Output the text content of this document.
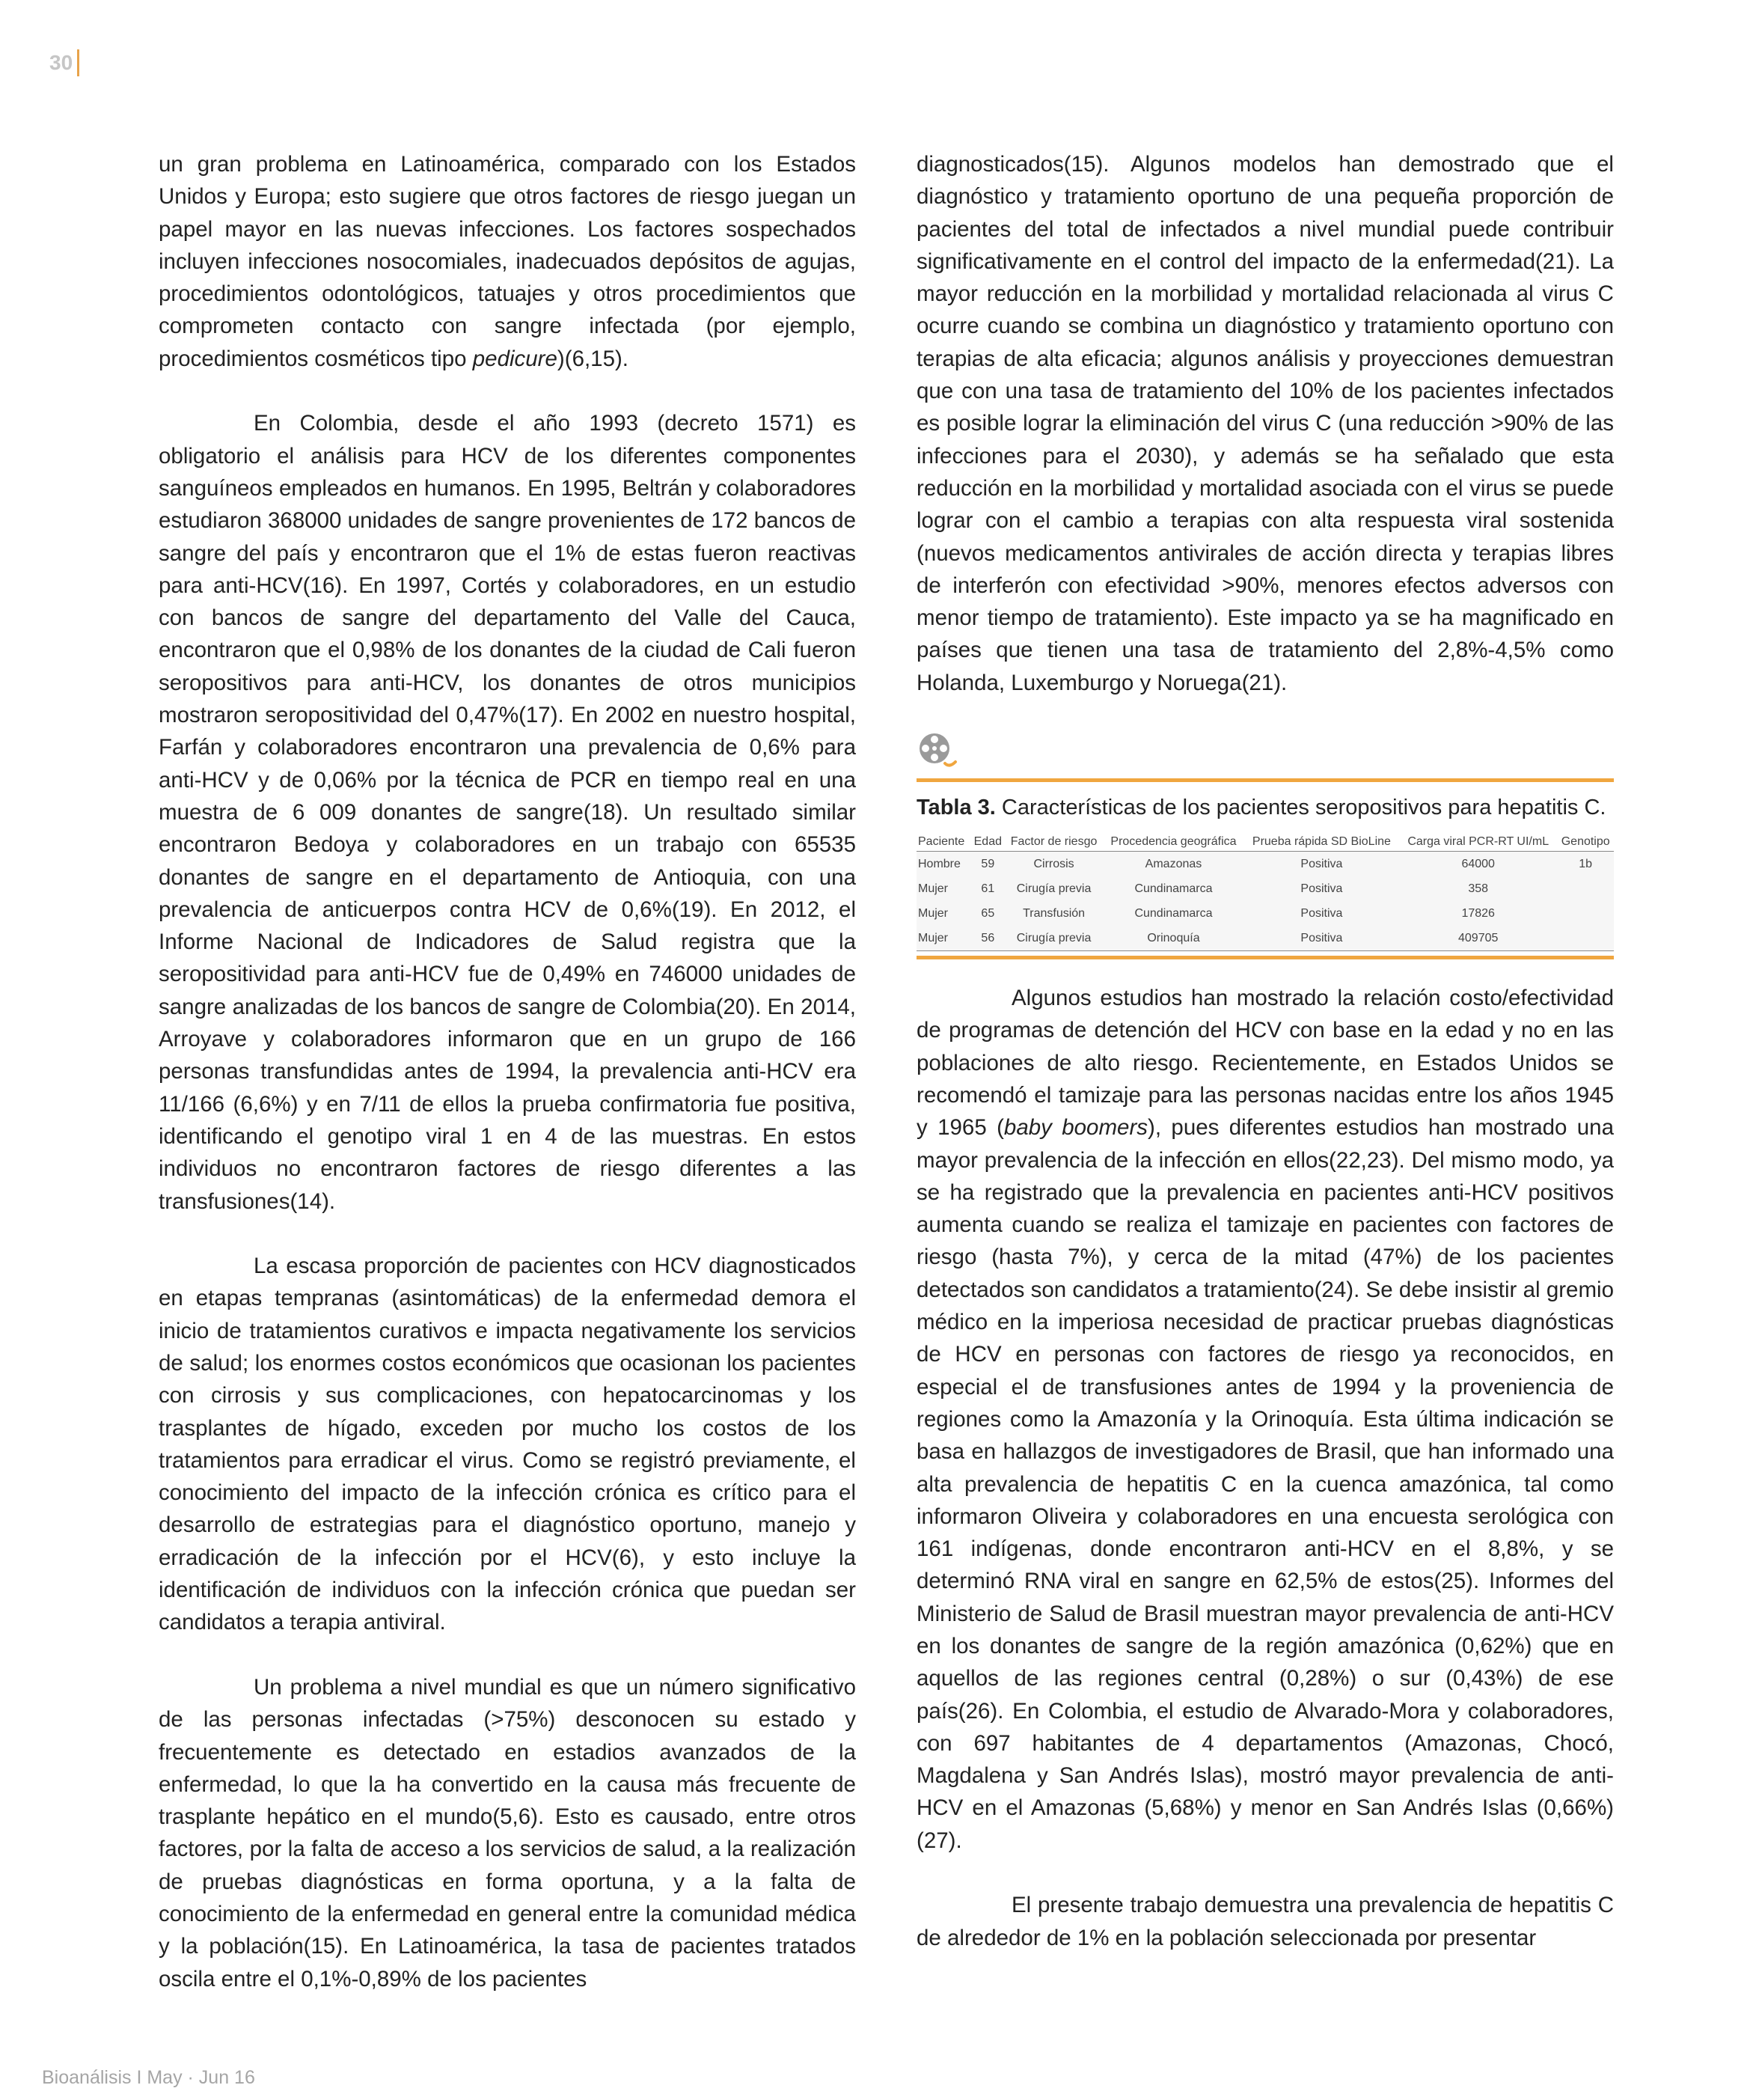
30

un gran problema en Latinoamérica, comparado con los Estados Unidos y Europa; esto sugiere que otros factores de riesgo juegan un papel mayor en las nuevas infecciones. Los factores sospechados incluyen infecciones nosocomiales, inadecuados depósitos de agujas, procedimientos odontológicos, tatuajes y otros procedimientos que comprometen contacto con sangre infectada (por ejemplo, procedimientos cosméticos tipo pedicure)(6,15).

En Colombia, desde el año 1993 (decreto 1571) es obligatorio el análisis para HCV de los diferentes componentes sanguíneos empleados en humanos. En 1995, Beltrán y colaboradores estudiaron 368000 unidades de sangre provenientes de 172 bancos de sangre del país y encontraron que el 1% de estas fueron reactivas para anti-HCV(16). En 1997, Cortés y colaboradores, en un estudio con bancos de sangre del departamento del Valle del Cauca, encontraron que el 0,98% de los donantes de la ciudad de Cali fueron seropositivos para anti-HCV, los donantes de otros municipios mostraron seropositividad del 0,47%(17). En 2002 en nuestro hospital, Farfán y colaboradores encontraron una prevalencia de 0,6% para anti-HCV y de 0,06% por la técnica de PCR en tiempo real en una muestra de 6 009 donantes de sangre(18). Un resultado similar encontraron Bedoya y colaboradores en un trabajo con 65535 donantes de sangre en el departamento de Antioquia, con una prevalencia de anticuerpos contra HCV de 0,6%(19). En 2012, el Informe Nacional de Indicadores de Salud registra que la seropositividad para anti-HCV fue de 0,49% en 746000 unidades de sangre analizadas de los bancos de sangre de Colombia(20). En 2014, Arroyave y colaboradores informaron que en un grupo de 166 personas transfundidas antes de 1994, la prevalencia anti-HCV era 11/166 (6,6%) y en 7/11 de ellos la prueba confirmatoria fue positiva, identificando el genotipo viral 1 en 4 de las muestras. En estos individuos no encontraron factores de riesgo diferentes a las transfusiones(14).

La escasa proporción de pacientes con HCV diagnosticados en etapas tempranas (asintomáticas) de la enfermedad demora el inicio de tratamientos curativos e impacta negativamente los servicios de salud; los enormes costos económicos que ocasionan los pacientes con cirrosis y sus complicaciones, con hepatocarcinomas y los trasplantes de hígado, exceden por mucho los costos de los tratamientos para erradicar el virus. Como se registró previamente, el conocimiento del impacto de la infección crónica es crítico para el desarrollo de estrategias para el diagnóstico oportuno, manejo y erradicación de la infección por el HCV(6), y esto incluye la identificación de individuos con la infección crónica que puedan ser candidatos a terapia antiviral.

Un problema a nivel mundial es que un número significativo de las personas infectadas (>75%) desconocen su estado y frecuentemente es detectado en estadios avanzados de la enfermedad, lo que la ha convertido en la causa más frecuente de trasplante hepático en el mundo(5,6). Esto es causado, entre otros factores, por la falta de acceso a los servicios de salud, a la realización de pruebas diagnósticas en forma oportuna, y a la falta de conocimiento de la enfermedad en general entre la comunidad médica y la población(15). En Latinoamérica, la tasa de pacientes tratados oscila entre el 0,1%-0,89% de los pacientes

diagnosticados(15). Algunos modelos han demostrado que el diagnóstico y tratamiento oportuno de una pequeña proporción de pacientes del total de infectados a nivel mundial puede contribuir significativamente en el control del impacto de la enfermedad(21). La mayor reducción en la morbilidad y mortalidad relacionada al virus C ocurre cuando se combina un diagnóstico y tratamiento oportuno con terapias de alta eficacia; algunos análisis y proyecciones demuestran que con una tasa de tratamiento del 10% de los pacientes infectados es posible lograr la eliminación del virus C (una reducción >90% de las infecciones para el 2030), y además se ha señalado que esta reducción en la morbilidad y mortalidad asociada con el virus se puede lograr con el cambio a terapias con alta respuesta viral sostenida (nuevos medicamentos antivirales de acción directa y terapias libres de interferón con efectividad >90%, menores efectos adversos con menor tiempo de tratamiento). Este impacto ya se ha magnificado en países que tienen una tasa de tratamiento del 2,8%-4,5% como Holanda, Luxemburgo y Noruega(21).

Tabla 3. Características de los pacientes seropositivos para hepatitis C.
Paciente	Edad	Factor de riesgo	Procedencia geográfica	Prueba rápida SD BioLine	Carga viral PCR-RT UI/mL	Genotipo
Hombre	59	Cirrosis	Amazonas	Positiva	64000	1b
Mujer	61	Cirugía previa	Cundinamarca	Positiva	358	
Mujer	65	Transfusión	Cundinamarca	Positiva	17826	
Mujer	56	Cirugía previa	Orinoquía	Positiva	409705	

Algunos estudios han mostrado la relación costo/efectividad de programas de detención del HCV con base en la edad y no en las poblaciones de alto riesgo. Recientemente, en Estados Unidos se recomendó el tamizaje para las personas nacidas entre los años 1945 y 1965 (baby boomers), pues diferentes estudios han mostrado una mayor prevalencia de la infección en ellos(22,23). Del mismo modo, ya se ha registrado que la prevalencia en pacientes anti-HCV positivos aumenta cuando se realiza el tamizaje en pacientes con factores de riesgo (hasta 7%), y cerca de la mitad (47%) de los pacientes detectados son candidatos a tratamiento(24). Se debe insistir al gremio médico en la imperiosa necesidad de practicar pruebas diagnósticas de HCV en personas con factores de riesgo ya reconocidos, en especial el de transfusiones antes de 1994 y la proveniencia de regiones como la Amazonía y la Orinoquía. Esta última indicación se basa en hallazgos de investigadores de Brasil, que han informado una alta prevalencia de hepatitis C en la cuenca amazónica, tal como informaron Oliveira y colaboradores en una encuesta serológica con 161 indígenas, donde encontraron anti-HCV en el 8,8%, y se determinó RNA viral en sangre en 62,5% de estos(25). Informes del Ministerio de Salud de Brasil muestran mayor prevalencia de anti-HCV en los donantes de sangre de la región amazónica (0,62%) que en aquellos de las regiones central (0,28%) o sur (0,43%) de ese país(26). En Colombia, el estudio de Alvarado-Mora y colaboradores, con 697 habitantes de 4 departamentos (Amazonas, Chocó, Magdalena y San Andrés Islas), mostró mayor prevalencia de anti-HCV en el Amazonas (5,68%) y menor en San Andrés Islas (0,66%)(27).

El presente trabajo demuestra una prevalencia de hepatitis C de alrededor de 1% en la población seleccionada por presentar

Bioanálisis I May · Jun 16
